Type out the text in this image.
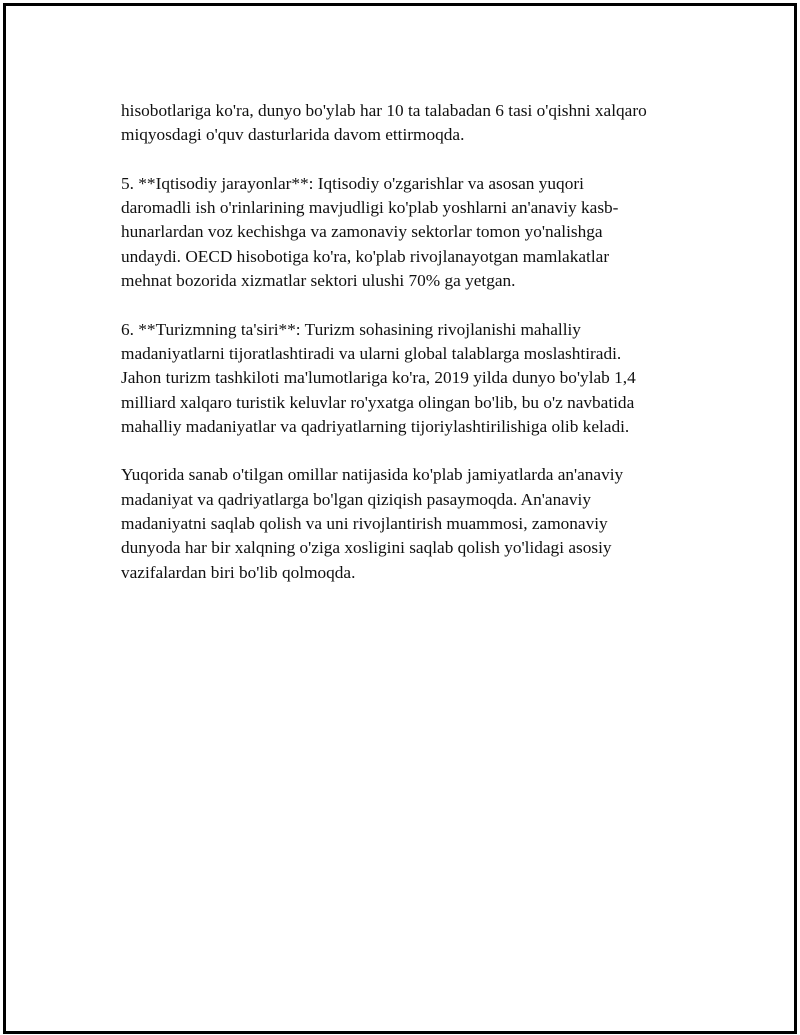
hisobotlariga ko'ra, dunyo bo'ylab har 10 ta talabadan 6 tasi o'qishni xalqaro
miqyosdagi o'quv dasturlarida davom ettirmoqda.

5. **Iqtisodiy jarayonlar**: Iqtisodiy o'zgarishlar va asosan yuqori
daromadli ish o'rinlarining mavjudligi ko'plab yoshlarni an'anaviy kasb-
hunarlardan voz kechishga va zamonaviy sektorlar tomon yo'nalishga
undaydi. OECD hisobotiga ko'ra, ko'plab rivojlanayotgan mamlakatlar
mehnat bozorida xizmatlar sektori ulushi 70% ga yetgan.

6. **Turizmning ta'siri**: Turizm sohasining rivojlanishi mahalliy
madaniyatlarni tijoratlashtiradi va ularni global talablarga moslashtiradi.
Jahon turizm tashkiloti ma'lumotlariga ko'ra, 2019 yilda dunyo bo'ylab 1,4
milliard xalqaro turistik keluvlar ro'yxatga olingan bo'lib, bu o'z navbatida
mahalliy madaniyatlar va qadriyatlarning tijoriylashtirilishiga olib keladi.

Yuqorida sanab o'tilgan omillar natijasida ko'plab jamiyatlarda an'anaviy
madaniyat va qadriyatlarga bo'lgan qiziqish pasaymoqda. An'anaviy
madaniyatni saqlab qolish va uni rivojlantirish muammosi, zamonaviy
dunyoda har bir xalqning o'ziga xosligini saqlab qolish yo'lidagi asosiy
vazifalardan biri bo'lib qolmoqda.
